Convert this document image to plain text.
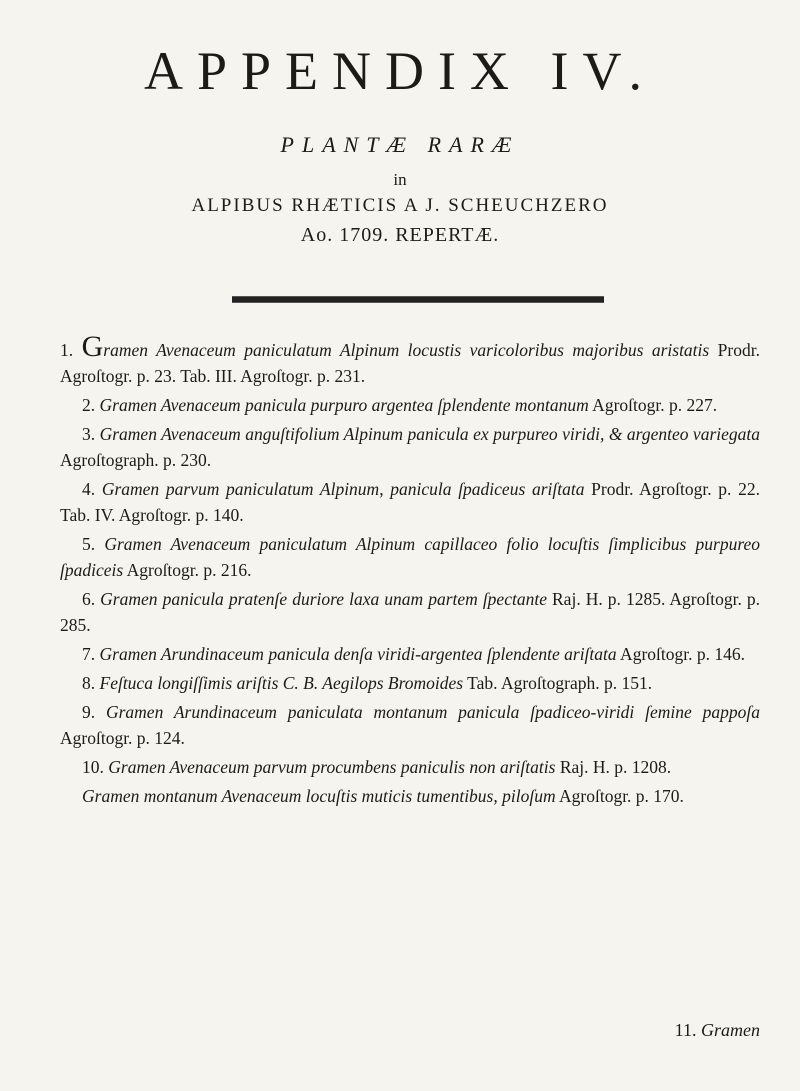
APPENDIX IV.
PLANTÆ RARÆ
in
ALPIBUS RHÆTICIS A J. SCHEUCHZERO
Ao. 1709. REPERTÆ.

1. Gramen Avenaceum paniculatum Alpinum locustis varicoloribus majoribus aristatis Prodr. Agroſtogr. p. 23. Tab. III. Agroſtogr. p. 231.

2. Gramen Avenaceum panicula purpuro argentea ſplendente montanum Agroſtogr. p. 227.

3. Gramen Avenaceum anguſtifolium Alpinum panicula ex purpureo viridi, & argenteo variegata Agroſtograph. p. 230.

4. Gramen parvum paniculatum Alpinum, panicula ſpadiceus ariſtata Prodr. Agroſtogr. p. 22. Tab. IV. Agroſtogr. p. 140.

5. Gramen Avenaceum paniculatum Alpinum capillaceo folio locuſtis ſimplicibus purpureo ſpadiceis Agroſtogr. p. 216.

6. Gramen panicula pratenſe duriore laxa unam partem ſpectante Raj. H. p. 1285. Agroſtogr. p. 285.

7. Gramen Arundinaceum panicula denſa viridi-argentea ſplendente ariſtata Agroſtogr. p. 146.

8. Feſtuca longiſſimis ariſtis C. B. Aegilops Bromoides Tab. Agroſtograph. p. 151.

9. Gramen Arundinaceum paniculata montanum panicula ſpadiceo-viridi ſemine pappoſa Agroſtogr. p. 124.

10. Gramen Avenaceum parvum procumbens paniculis non ariſtatis Raj. H. p. 1208.

Gramen montanum Avenaceum locuſtis muticis tumentibus, piloſum Agroſtogr. p. 170.

11. Gramen
